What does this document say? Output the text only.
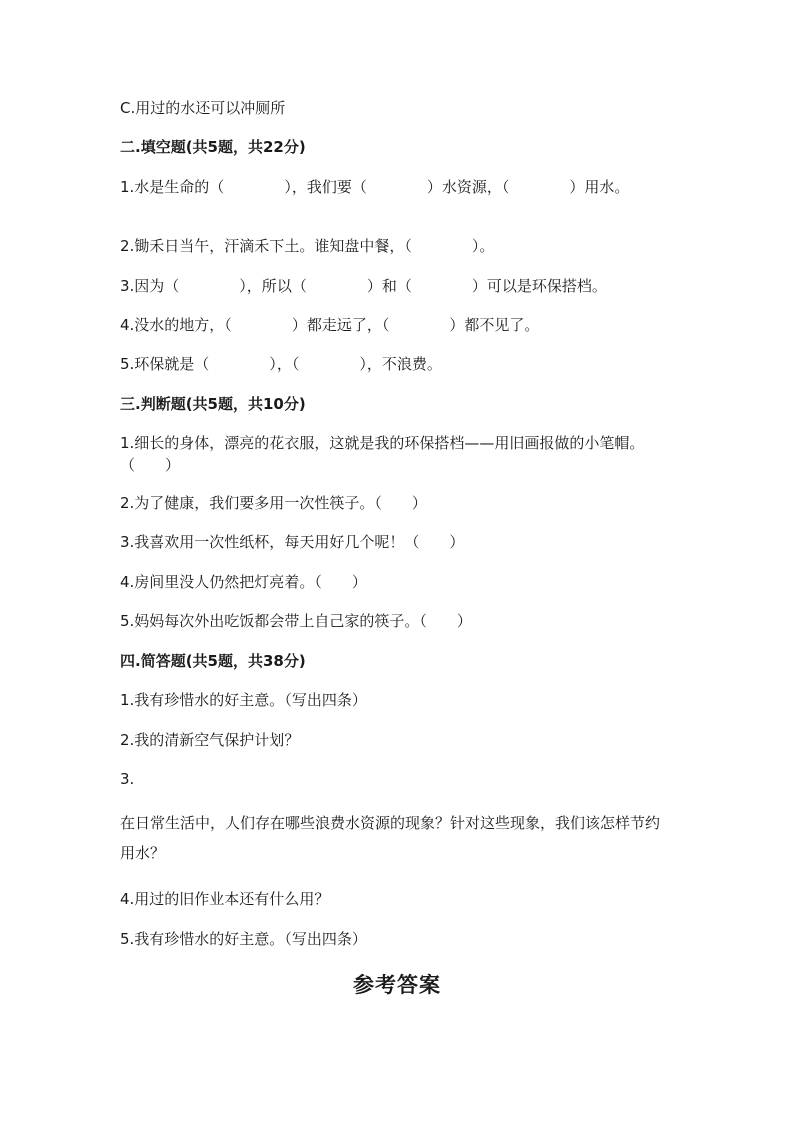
C.用过的水还可以冲厕所
二.填空题(共5题，共22分)
1.水是生命的（　　　　），我们要（　　　　）水资源，（　　　　）用水。
2.锄禾日当午，汗滴禾下土。谁知盘中餐，（　　　　）。
3.因为（　　　　），所以（　　　　）和（　　　　）可以是环保搭档。
4.没水的地方，（　　　　）都走远了，（　　　　）都不见了。
5.环保就是（　　　　），（　　　　），不浪费。
三.判断题(共5题，共10分)
1.细长的身体，漂亮的花衣服，这就是我的环保搭档——用旧画报做的小笔帽。（　　）
2.为了健康，我们要多用一次性筷子。（　　）
3.我喜欢用一次性纸杯，每天用好几个呢！（　　）
4.房间里没人仍然把灯亮着。（　　）
5.妈妈每次外出吃饭都会带上自己家的筷子。（　　）
四.简答题(共5题，共38分)
1.我有珍惜水的好主意。（写出四条）
2.我的清新空气保护计划？
3.
在日常生活中，人们存在哪些浪费水资源的现象？针对这些现象，我们该怎样节约用水？
4.用过的旧作业本还有什么用？
5.我有珍惜水的好主意。（写出四条）
参考答案
